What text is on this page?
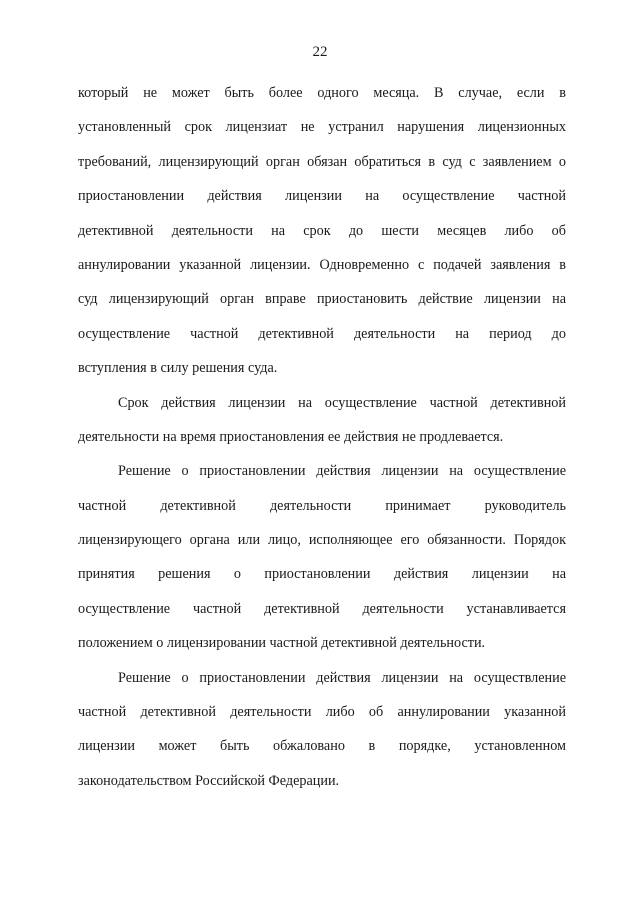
22
который не может быть более одного месяца. В случае, если в
установленный срок лицензиат не устранил нарушения лицензионных
требований, лицензирующий орган обязан обратиться в суд с заявлением о
приостановлении действия лицензии на осуществление частной
детективной деятельности на срок до шести месяцев либо об
аннулировании указанной лицензии. Одновременно с подачей заявления в
суд лицензирующий орган вправе приостановить действие лицензии на
осуществление частной детективной деятельности на период до
вступления в силу решения суда.
Срок действия лицензии на осуществление частной детективной
деятельности на время приостановления ее действия не продлевается.
Решение о приостановлении действия лицензии на осуществление
частной детективной деятельности принимает руководитель
лицензирующего органа или лицо, исполняющее его обязанности. Порядок
принятия решения о приостановлении действия лицензии на
осуществление частной детективной деятельности устанавливается
положением о лицензировании частной детективной деятельности.
Решение о приостановлении действия лицензии на осуществление
частной детективной деятельности либо об аннулировании указанной
лицензии может быть обжаловано в порядке, установленном
законодательством Российской Федерации.
